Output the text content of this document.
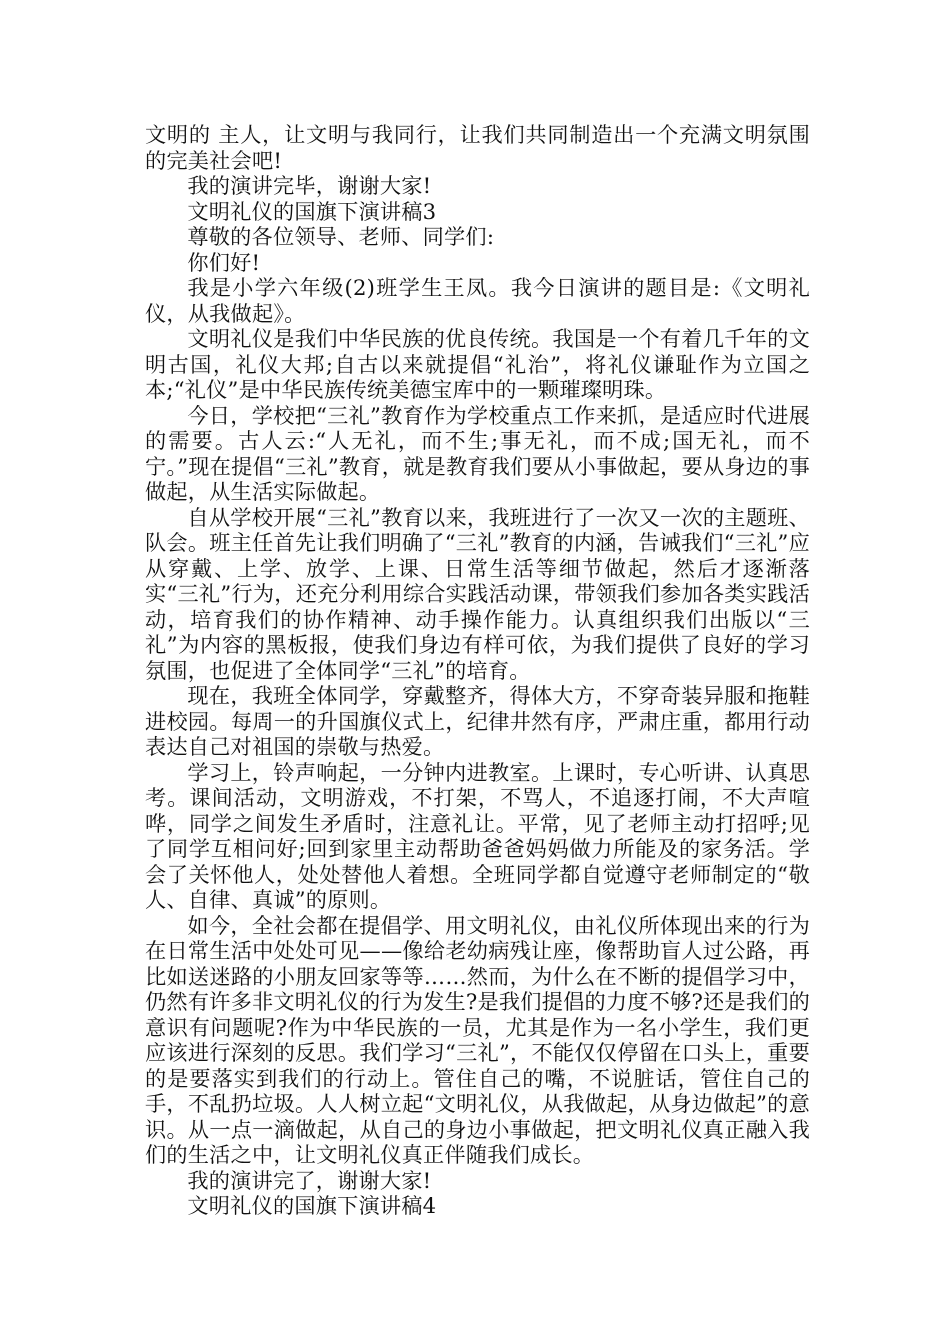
文明的 主人，让文明与我同行，让我们共同制造出一个充满文明氛围的完美社会吧!

我的演讲完毕，谢谢大家!

文明礼仪的国旗下演讲稿3

尊敬的各位领导、老师、同学们:

你们好!

我是小学六年级(2)班学生王凤。我今日演讲的题目是:《文明礼仪，从我做起》。

文明礼仪是我们中华民族的优良传统。我国是一个有着几千年的文明古国，礼仪大邦;自古以来就提倡“礼治”，将礼仪谦耻作为立国之本;“礼仪”是中华民族传统美德宝库中的一颗璀璨明珠。

今日，学校把“三礼”教育作为学校重点工作来抓，是适应时代进展的需要。古人云:“人无礼，而不生;事无礼，而不成;国无礼，而不宁。”现在提倡“三礼”教育，就是教育我们要从小事做起，要从身边的事做起，从生活实际做起。

自从学校开展“三礼”教育以来，我班进行了一次又一次的主题班、队会。班主任首先让我们明确了“三礼”教育的内涵，告诫我们“三礼”应从穿戴、上学、放学、上课、日常生活等细节做起，然后才逐渐落实“三礼”行为，还充分利用综合实践活动课，带领我们参加各类实践活动，培育我们的协作精神、动手操作能力。认真组织我们出版以“三礼”为内容的黑板报，使我们身边有样可依，为我们提供了良好的学习氛围，也促进了全体同学“三礼”的培育。

现在，我班全体同学，穿戴整齐，得体大方，不穿奇装异服和拖鞋进校园。每周一的升国旗仪式上，纪律井然有序，严肃庄重，都用行动表达自己对祖国的崇敬与热爱。

学习上，铃声响起，一分钟内进教室。上课时，专心听讲、认真思考。课间活动，文明游戏，不打架，不骂人，不追逐打闹，不大声喧哗，同学之间发生矛盾时，注意礼让。平常，见了老师主动打招呼;见了同学互相问好;回到家里主动帮助爸爸妈妈做力所能及的家务活。学会了关怀他人，处处替他人着想。全班同学都自觉遵守老师制定的“敬人、自律、真诚”的原则。

如今，全社会都在提倡学、用文明礼仪，由礼仪所体现出来的行为在日常生活中处处可见——像给老幼病残让座，像帮助盲人过公路，再比如送迷路的小朋友回家等等……然而，为什么在不断的提倡学习中，仍然有许多非文明礼仪的行为发生?是我们提倡的力度不够?还是我们的意识有问题呢?作为中华民族的一员，尤其是作为一名小学生，我们更应该进行深刻的反思。我们学习“三礼”，不能仅仅停留在口头上，重要的是要落实到我们的行动上。管住自己的嘴，不说脏话，管住自己的手，不乱扔垃圾。人人树立起“文明礼仪，从我做起，从身边做起”的意识。从一点一滴做起，从自己的身边小事做起，把文明礼仪真正融入我们的生活之中，让文明礼仪真正伴随我们成长。

我的演讲完了，谢谢大家!

文明礼仪的国旗下演讲稿4
